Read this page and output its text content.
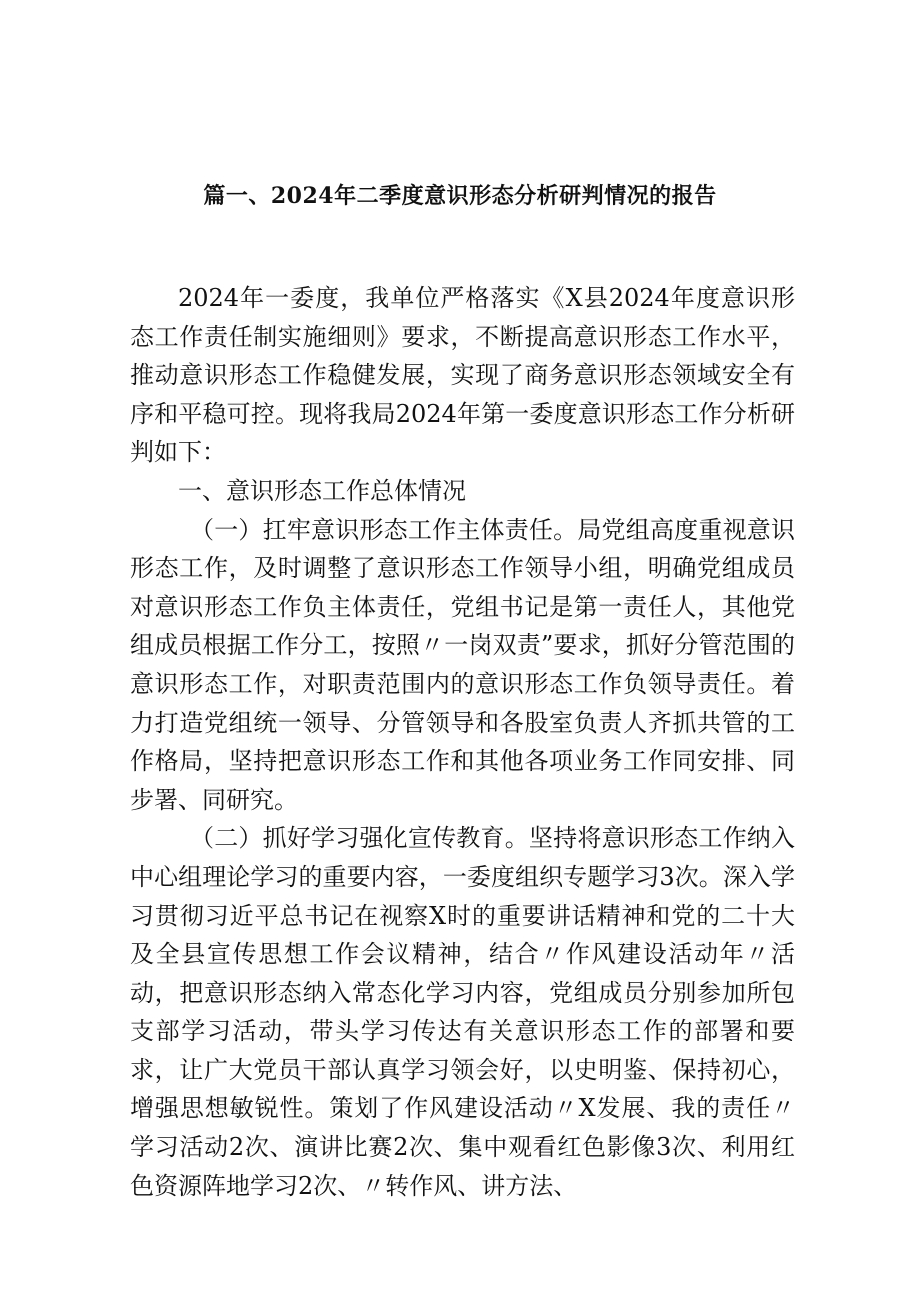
篇一、2024年二季度意识形态分析研判情况的报告

2024年一委度，我单位严格落实《X县2024年度意识形态工作责任制实施细则》要求，不断提高意识形态工作水平，推动意识形态工作稳健发展，实现了商务意识形态领域安全有序和平稳可控。现将我局2024年第一委度意识形态工作分析研判如下：

一、意识形态工作总体情况

（一）扛牢意识形态工作主体责任。局党组高度重视意识形态工作，及时调整了意识形态工作领导小组，明确党组成员对意识形态工作负主体责任，党组书记是第一责任人，其他党组成员根据工作分工，按照〃一岗双责”要求，抓好分管范围的意识形态工作，对职责范围内的意识形态工作负领导责任。着力打造党组统一领导、分管领导和各股室负责人齐抓共管的工作格局，坚持把意识形态工作和其他各项业务工作同安排、同步署、同研究。

（二）抓好学习强化宣传教育。坚持将意识形态工作纳入中心组理论学习的重要内容，一委度组织专题学习3次。深入学习贯彻习近平总书记在视察X时的重要讲话精神和党的二十大及全县宣传思想工作会议精神，结合〃作风建设活动年〃活动，把意识形态纳入常态化学习内容，党组成员分别参加所包支部学习活动，带头学习传达有关意识形态工作的部署和要求，让广大党员干部认真学习领会好，以史明鉴、保持初心，增强思想敏锐性。策划了作风建设活动〃X发展、我的责任〃学习活动2次、演讲比赛2次、集中观看红色影像3次、利用红色资源阵地学习2次、〃转作风、讲方法、
